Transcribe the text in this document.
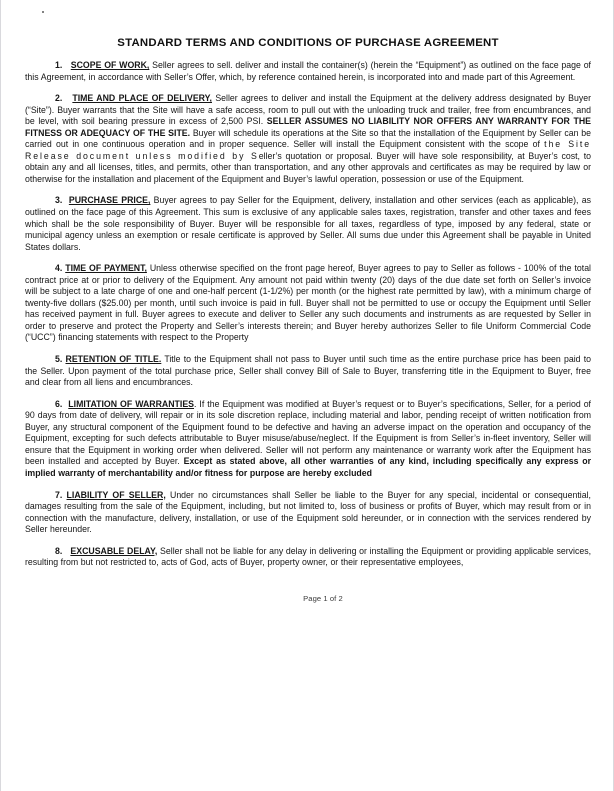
STANDARD TERMS AND CONDITIONS OF PURCHASE AGREEMENT

1. SCOPE OF WORK, Seller agrees to sell. deliver and install the container(s) (herein the “Equipment”) as outlined on the face page of this Agreement, in accordance with Seller’s Offer, which, by reference contained herein, is incorporated into and made part of this Agreement.

2. TIME AND PLACE OF DELIVERY, Seller agrees to deliver and install the Equipment at the delivery address designated by Buyer (“Site”). Buyer warrants that the Site will have a safe access, room to pull out with the unloading truck and trailer, free from encumbrances, and be level, with soil bearing pressure in excess of 2,500 PSI. SELLER ASSUMES NO LIABILITY NOR OFFERS ANY WARRANTY FOR THE FITNESS OR ADEQUACY OF THE SITE. Buyer will schedule its operations at the Site so that the installation of the Equipment by Seller can be carried out in one continuous operation and in proper sequence. Seller will install the Equipment consistent with the scope of the Site Release document unless modified by Seller’s quotation or proposal. Buyer will have sole responsibility, at Buyer’s cost, to obtain any and all licenses, titles, and permits, other than transportation, and any other approvals and certificates as may be required by law or otherwise for the installation and placement of the Equipment and Buyer’s lawful operation, possession or use of the Equipment.

3. PURCHASE PRICE, Buyer agrees to pay Seller for the Equipment, delivery, installation and other services (each as applicable), as outlined on the face page of this Agreement. This sum is exclusive of any applicable sales taxes, registration, transfer and other taxes and fees which shall be the sole responsibility of Buyer. Buyer will be responsible for all taxes, regardless of type, imposed by any federal, state or municipal agency unless an exemption or resale certificate is approved by Seller. All sums due under this Agreement shall be payable in United States dollars.

4. TIME OF PAYMENT, Unless otherwise specified on the front page hereof, Buyer agrees to pay to Seller as follows - 100% of the total contract price at or prior to delivery of the Equipment. Any amount not paid within twenty (20) days of the due date set forth on Seller’s invoice will be subject to a late charge of one and one-half percent (1-1/2%) per month (or the highest rate permitted by law), with a minimum charge of twenty-five dollars ($25.00) per month, until such invoice is paid in full. Buyer shall not be permitted to use or occupy the Equipment until Seller has received payment in full. Buyer agrees to execute and deliver to Seller any such documents and instruments as are requested by Seller in order to preserve and protect the Property and Seller’s interests therein; and Buyer hereby authorizes Seller to file Uniform Commercial Code (“UCC”) financing statements with respect to the Property

5. RETENTION OF TITLE. Title to the Equipment shall not pass to Buyer until such time as the entire purchase price has been paid to the Seller. Upon payment of the total purchase price, Seller shall convey Bill of Sale to Buyer, transferring title in the Equipment to Buyer, free and clear from all liens and encumbrances.

6. LIMITATION OF WARRANTIES. If the Equipment was modified at Buyer’s request or to Buyer’s specifications, Seller, for a period of 90 days from date of delivery, will repair or in its sole discretion replace, including material and labor, pending receipt of written notification from Buyer, any structural component of the Equipment found to be defective and having an adverse impact on the operation and occupancy of the Equipment, excepting for such defects attributable to Buyer misuse/abuse/neglect. If the Equipment is from Seller’s in-fleet inventory, Seller will ensure that the Equipment in working order when delivered. Seller will not perform any maintenance or warranty work after the Equipment has been installed and accepted by Buyer. Except as stated above, all other warranties of any kind, including specifically any express or implied warranty of merchantability and/or fitness for purpose are hereby excluded

7. LIABILITY OF SELLER, Under no circumstances shall Seller be liable to the Buyer for any special, incidental or consequential, damages resulting from the sale of the Equipment, including, but not limited to, loss of business or profits of Buyer, which may result from or in connection with the manufacture, delivery, installation, or use of the Equipment sold hereunder, or in connection with the services rendered by Seller hereunder.

8. EXCUSABLE DELAY, Seller shall not be liable for any delay in delivering or installing the Equipment or providing applicable services, resulting from but not restricted to, acts of God, acts of Buyer, property owner, or their representative employees,

Page 1 of 2
